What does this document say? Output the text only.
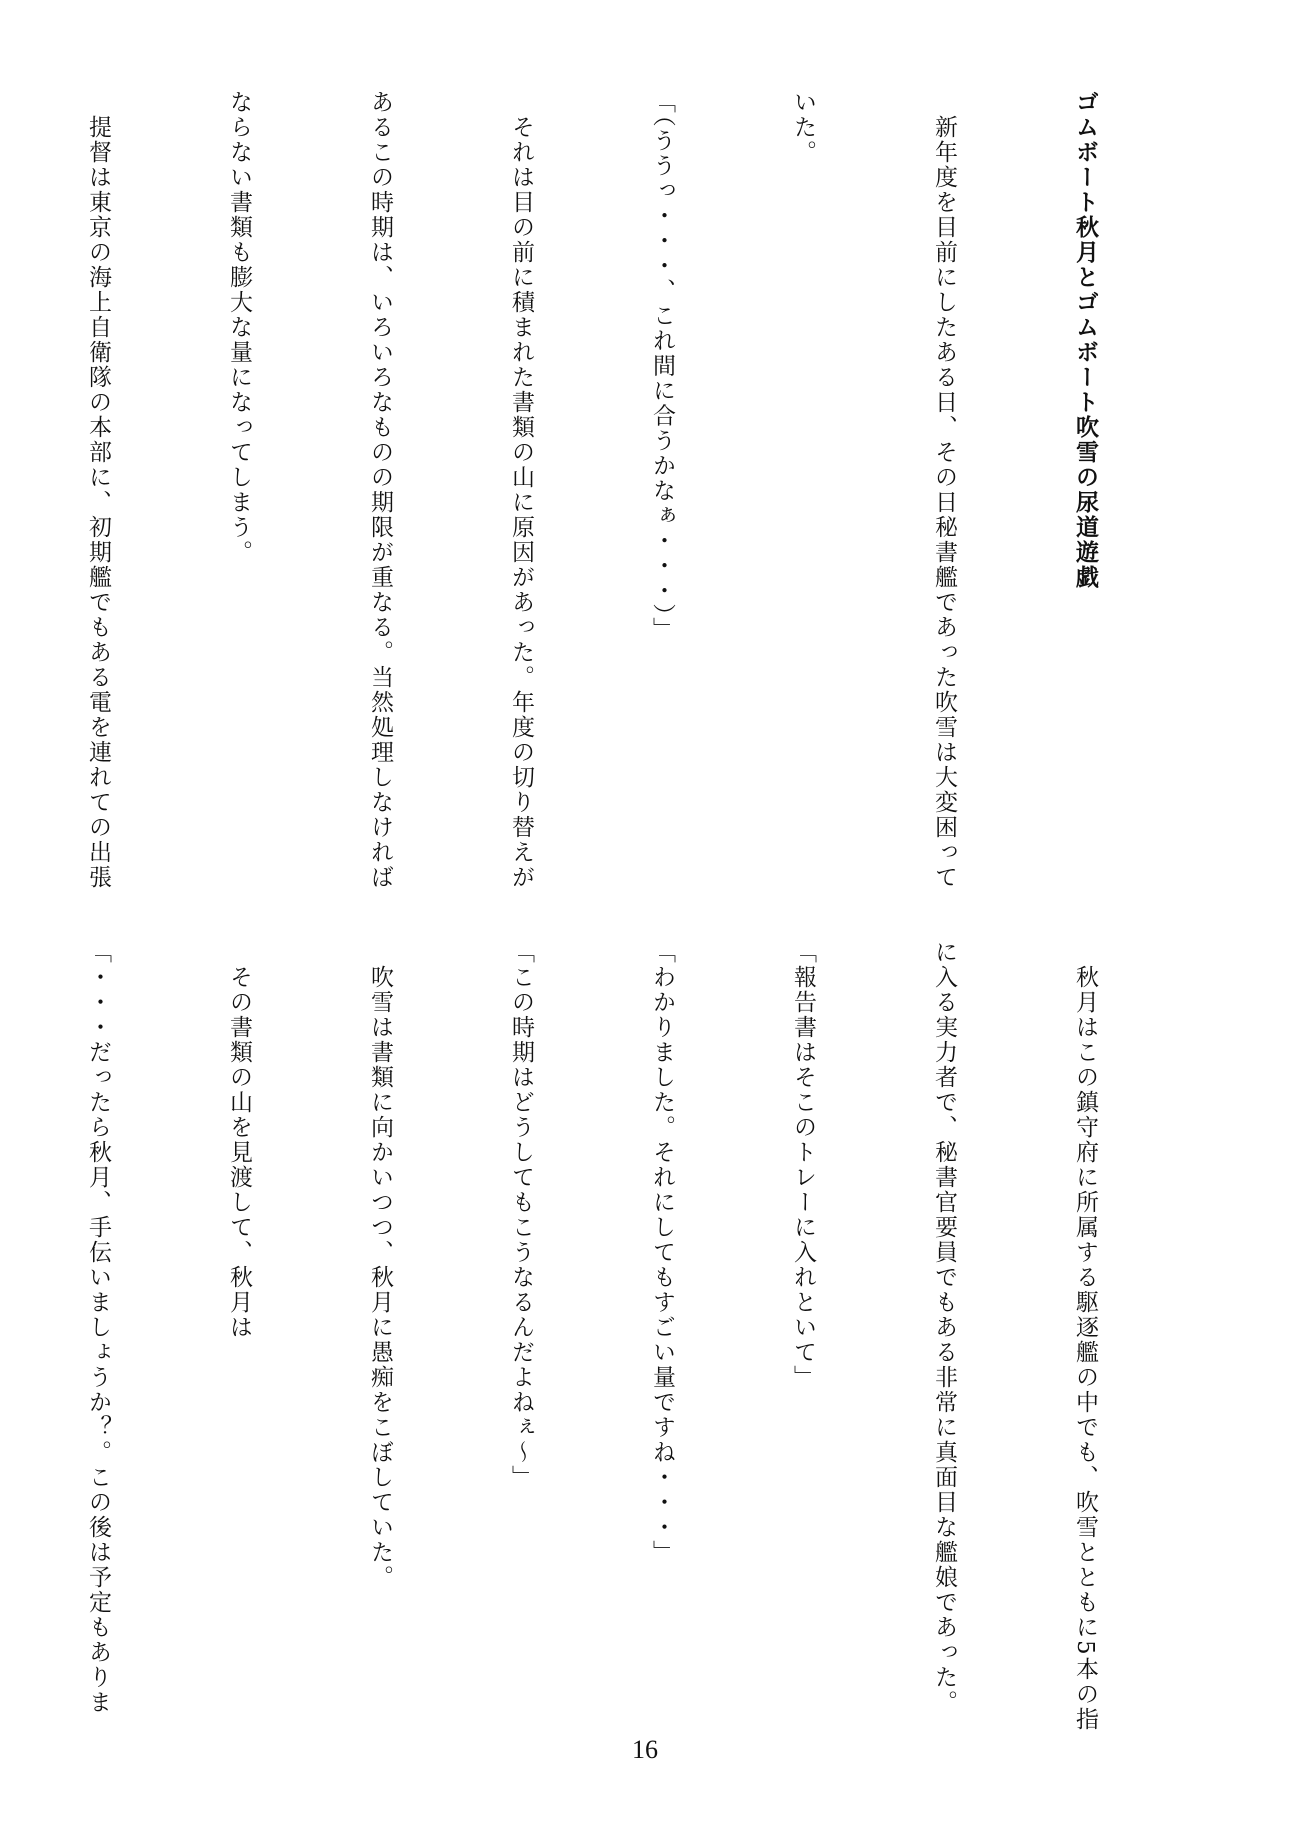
ゴムボート秋月とゴムボート吹雪の尿道遊戯

　新年度を目前にしたある日、その日秘書艦であった吹雪は大変困って

いた。

「（ううっ・・・、これ間に合うかなぁ・・・）」

　それは目の前に積まれた書類の山に原因があった。年度の切り替えが

あるこの時期は、いろいろなものの期限が重なる。当然処理しなければ

ならない書類も膨大な量になってしまう。

　提督は東京の海上自衛隊の本部に、初期艦でもある電を連れての出張

　秋月はこの鎮守府に所属する駆逐艦の中でも、吹雪とともに5本の指

に入る実力者で、秘書官要員でもある非常に真面目な艦娘であった。

「報告書はそこのトレーに入れといて」

「わかりました。それにしてもすごい量ですね・・・」

「この時期はどうしてもこうなるんだよねぇ～」

　吹雪は書類に向かいつつ、秋月に愚痴をこぼしていた。

　その書類の山を見渡して、秋月は

「・・・だったら秋月、手伝いましょうか？。この後は予定もありま

16
